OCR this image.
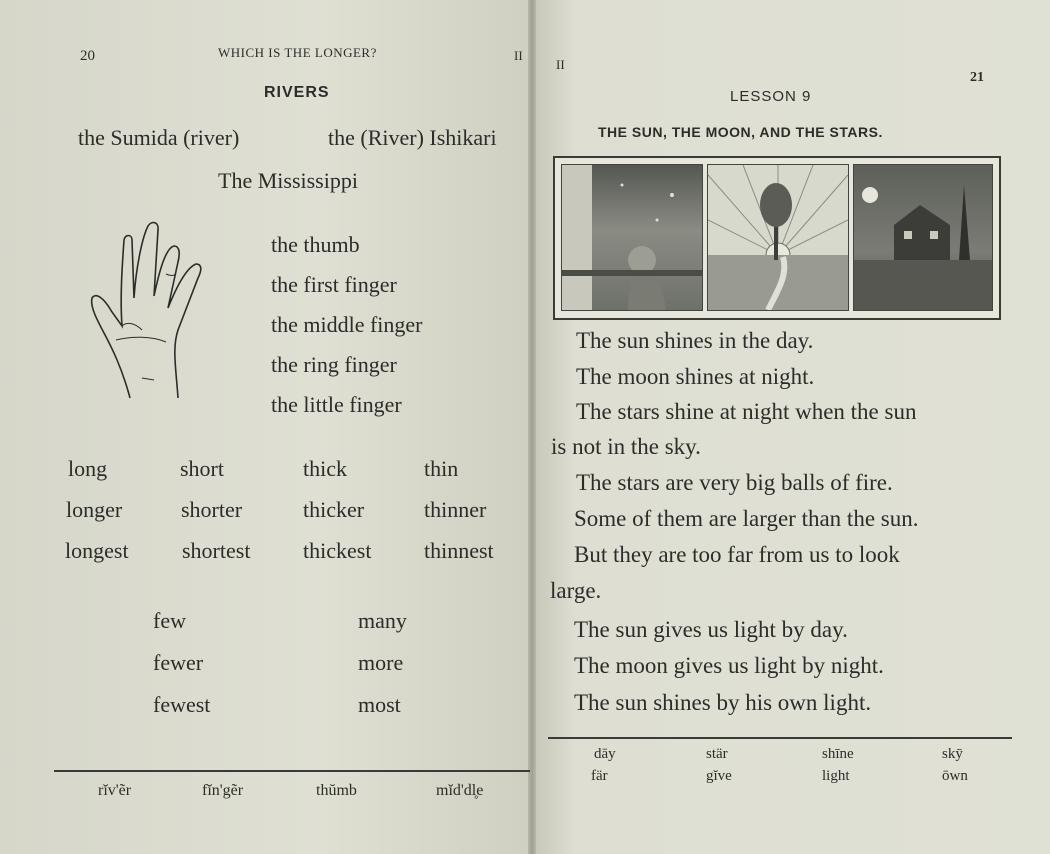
20	WHICH IS THE LONGER?	II
RIVERS
the Sumida (river)	the (River) Ishikari
The Mississippi
the thumb
the first finger
the middle finger
the ring finger
the little finger
long	short	thick	thin
longer	shorter	thicker	thinner
longest shortest thickest thinnest
few	many
fewer	more
fewest	most
rĭv'ẽr	fĭn'gẽr	thŭmb	mĭd'dl̥e
II
21
LESSON 9
THE SUN, THE MOON, AND THE STARS.
The sun shines in the day.
The moon shines at night.
The stars shine at night when the sun
is not in the sky.
The stars are very big balls of fire.
Some of them are larger than the sun.
But they are too far from us to look
large.
The sun gives us light by day.
The moon gives us light by night.
The sun shines by his own light.
dāy	stär	shīne	skȳ
fär	gĭve	light	ōwn
